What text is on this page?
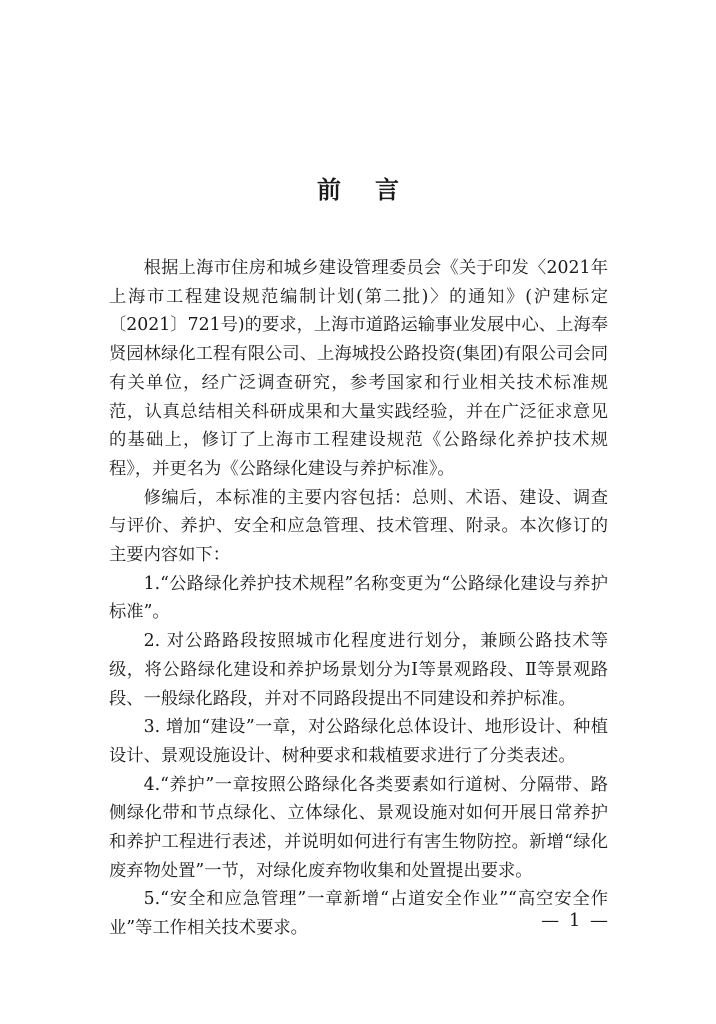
前言

根据上海市住房和城乡建设管理委员会《关于印发〈2021年上海市工程建设规范编制计划(第二批)〉的通知》(沪建标定〔2021〕721号)的要求，上海市道路运输事业发展中心、上海奉贤园林绿化工程有限公司、上海城投公路投资(集团)有限公司会同有关单位，经广泛调查研究，参考国家和行业相关技术标准规范，认真总结相关科研成果和大量实践经验，并在广泛征求意见的基础上，修订了上海市工程建设规范《公路绿化养护技术规程》，并更名为《公路绿化建设与养护标准》。

修编后，本标准的主要内容包括：总则、术语、建设、调查与评价、养护、安全和应急管理、技术管理、附录。本次修订的主要内容如下：

1.“公路绿化养护技术规程”名称变更为“公路绿化建设与养护标准”。

2. 对公路路段按照城市化程度进行划分，兼顾公路技术等级，将公路绿化建设和养护场景划分为Ⅰ等景观路段、Ⅱ等景观路段、一般绿化路段，并对不同路段提出不同建设和养护标准。

3. 增加“建设”一章，对公路绿化总体设计、地形设计、种植设计、景观设施设计、树种要求和栽植要求进行了分类表述。

4.“养护”一章按照公路绿化各类要素如行道树、分隔带、路侧绿化带和节点绿化、立体绿化、景观设施对如何开展日常养护和养护工程进行表述，并说明如何进行有害生物防控。新增“绿化废弃物处置”一节，对绿化废弃物收集和处置提出要求。

5.“安全和应急管理”一章新增“占道安全作业”“高空安全作业”等工作相关技术要求。	— 1 —
